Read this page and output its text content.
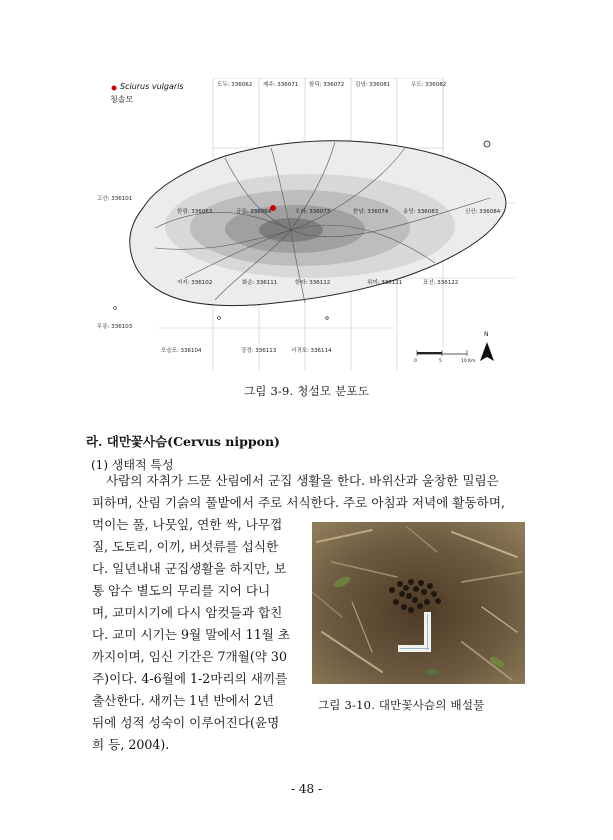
Sciurus vulgaris
청솔모
도두: 336062 제주: 336071 함덕: 336072 김녕: 336081	우도: 336082
고산: 336101
한림: 336063	금릉: 336064	오라: 336073	한남: 336074	송당: 336083	신산: 336084
저지: 336102	화순: 336111	한라: 336112	위미: 336121	표선: 336122
무릉: 336103
모슬포: 336104	강정: 336113	서귀포: 336114
0	5	10 Km
N
그림 3-9. 청설모 분포도
라. 대만꽃사슴(Cervus nippon)
(1) 생태적 특성
사람의 자취가 드문 산림에서 군집 생활을 한다. 바위산과 울창한 밀림은
피하며, 산림 기슭의 풀밭에서 주로 서식한다. 주로 아침과 저녁에 활동하며,
먹이는 풀, 나뭇잎, 연한 싹, 나무껍
질, 도토리, 이끼, 버섯류를 섭식한
다. 일년내내 군집생활을 하지만, 보
통 암수 별도의 무리를 지어 다니
며, 교미시기에 다시 암컷들과 합친
다. 교미 시기는 9월 말에서 11월 초
까지이며, 임신 기간은 7개월(약 30
주)이다. 4-6월에 1-2마리의 새끼를
출산한다. 새끼는 1년 반에서 2년
뒤에 성적 성숙이 이루어진다(윤명
희 등, 2004).
그림 3-10. 대만꽃사슴의 배설물
- 48 -
